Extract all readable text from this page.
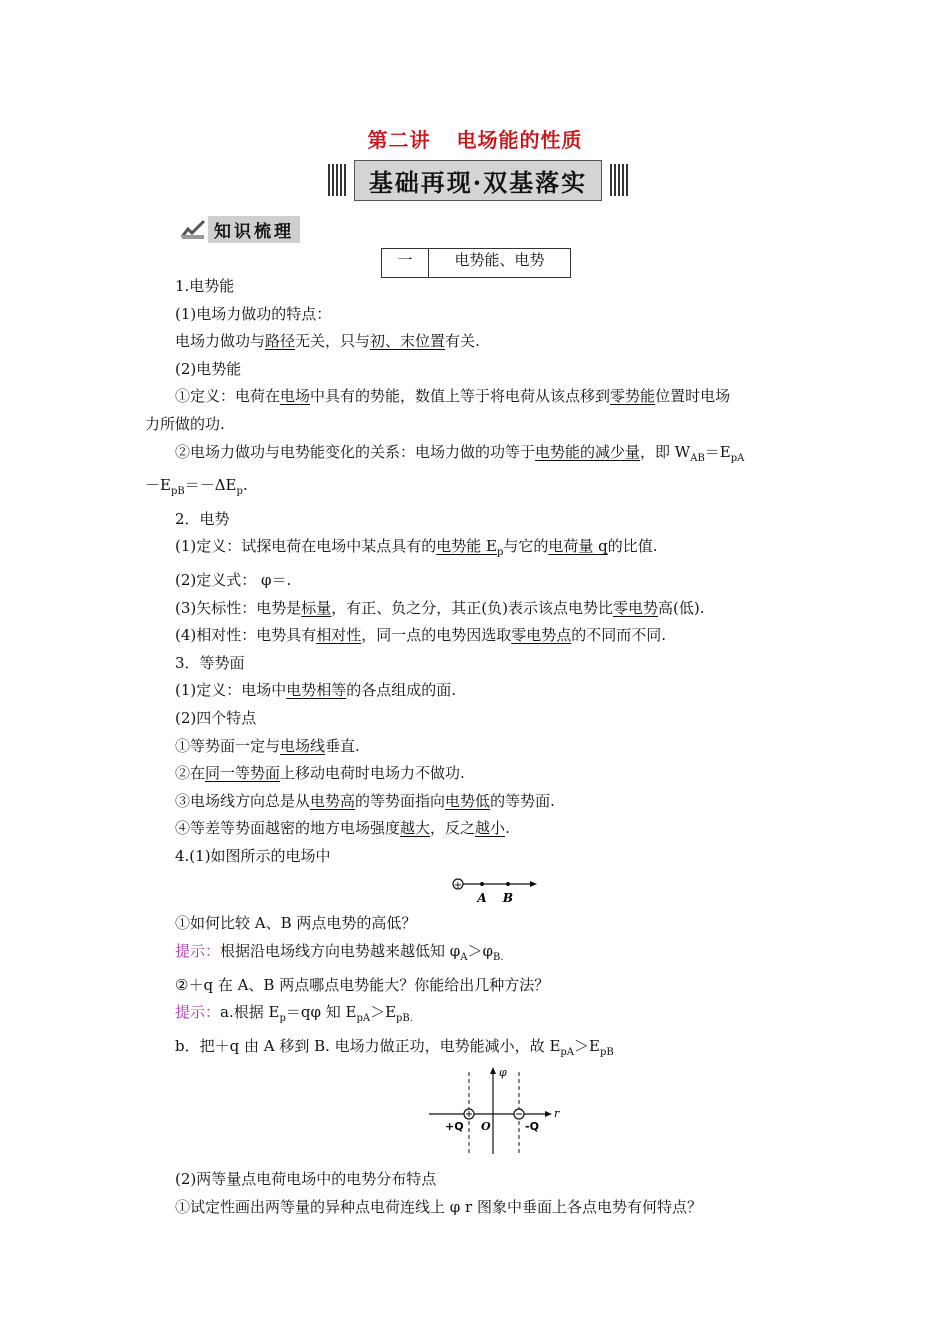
第二讲 电场能的性质
基础再现·双基落实
知识梳理
一	电势能、电势

1.电势能

(1)电场力做功的特点：

电场力做功与路径无关，只与初、末位置有关.

(2)电势能

①定义：电荷在电场中具有的势能，数值上等于将电荷从该点移到零势能位置时电场

力所做的功.

②电场力做功与电势能变化的关系：电场力做的功等于电势能的减少量，即 $W_{AB}=E_{pA}$

$-E_{pB}=-\Delta E_p$.

2．电势

(1)定义：试探电荷在电场中某点具有的电势能 $E_p$与它的电荷量 q的比值.

(2)定义式： φ＝.

(3)矢标性：电势是标量，有正、负之分，其正(负)表示该点电势比零电势高(低).

(4)相对性：电势具有相对性，同一点的电势因选取零电势点的不同而不同.

3．等势面

(1)定义：电场中电势相等的各点组成的面.

(2)四个特点

①等势面一定与电场线垂直.

②在同一等势面上移动电荷时电场力不做功.

③电场线方向总是从电势高的等势面指向电势低的等势面.

④等差等势面越密的地方电场强度越大，反之越小.

4.(1)如图所示的电场中

+
A B

①如何比较 A、B 两点电势的高低？

提示：根据沿电场线方向电势越来越低知 $\varphi_A>\varphi_{B.}$

②＋q 在 A、B 两点哪点电势能大？你能给出几种方法？

提示：a.根据 $E_p=q\varphi$ 知 $E_{pA}>E_{pB.}$

b．把＋q 由 A 移到 B. 电场力做正功，电势能减小，故 $E_{pA}>E_{pB}$

φ
r
+Q O	-Q

(2)两等量点电荷电场中的电势分布特点

①试定性画出两等量的异种点电荷连线上 φ r 图象中垂面上各点电势有何特点？
